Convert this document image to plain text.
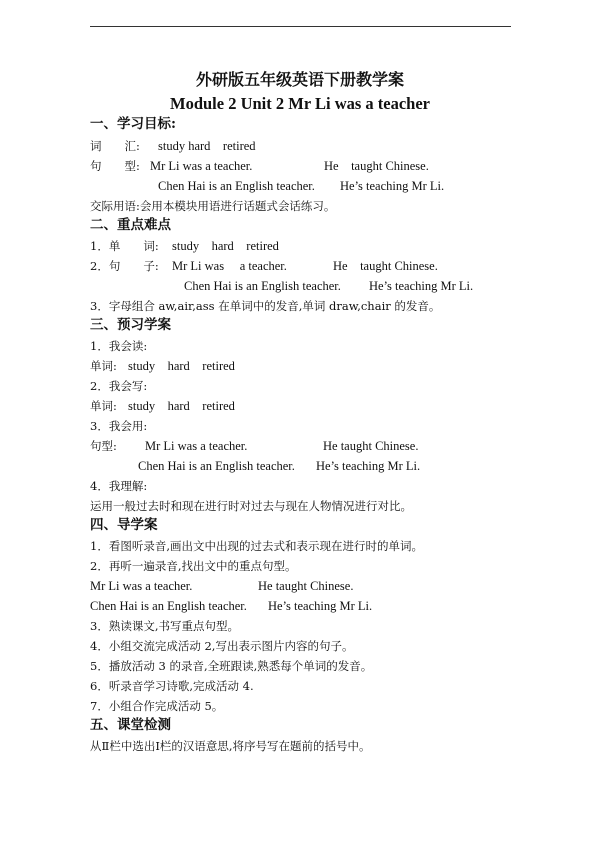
外研版五年级英语下册教学案
Module 2 Unit 2 Mr Li was a teacher
一、学习目标:
词　　汇: study hard　retired
句　　型: Mr Li was a teacher.	He　taught Chinese.
Chen Hai is an English teacher. He’s teaching Mr Li.
交际用语:会用本模块用语进行话题式会话练习。
二、重点难点
1．单　　词: study　hard　retired
2．句　　子: Mr Li was　 a teacher.	He　taught Chinese.
Chen Hai is an English teacher. He’s teaching Mr Li.
3．字母组合 aw,air,ass 在单词中的发音,单词 draw,chair 的发音。
三、预习学案
1．我会读:
单词: study　hard　retired
2．我会写:
单词: study　hard　retired
3．我会用:
句型: Mr Li was a teacher.	He taught Chinese.
Chen Hai is an English teacher. He’s teaching Mr Li.
4．我理解:
运用一般过去时和现在进行时对过去与现在人物情况进行对比。
四、导学案
1．看图听录音,画出文中出现的过去式和表示现在进行时的单词。
2．再听一遍录音,找出文中的重点句型。
Mr Li was a teacher.	He taught Chinese.
Chen Hai is an English teacher. He’s teaching Mr Li.
3．熟读课文,书写重点句型。
4．小组交流完成活动 2,写出表示图片内容的句子。
5．播放活动 3 的录音,全班跟读,熟悉每个单词的发音。
6．听录音学习诗歌,完成活动 4.
7．小组合作完成活动 5。
五、课堂检测
从Ⅱ栏中选出Ⅰ栏的汉语意思,将序号写在题前的括号中。
